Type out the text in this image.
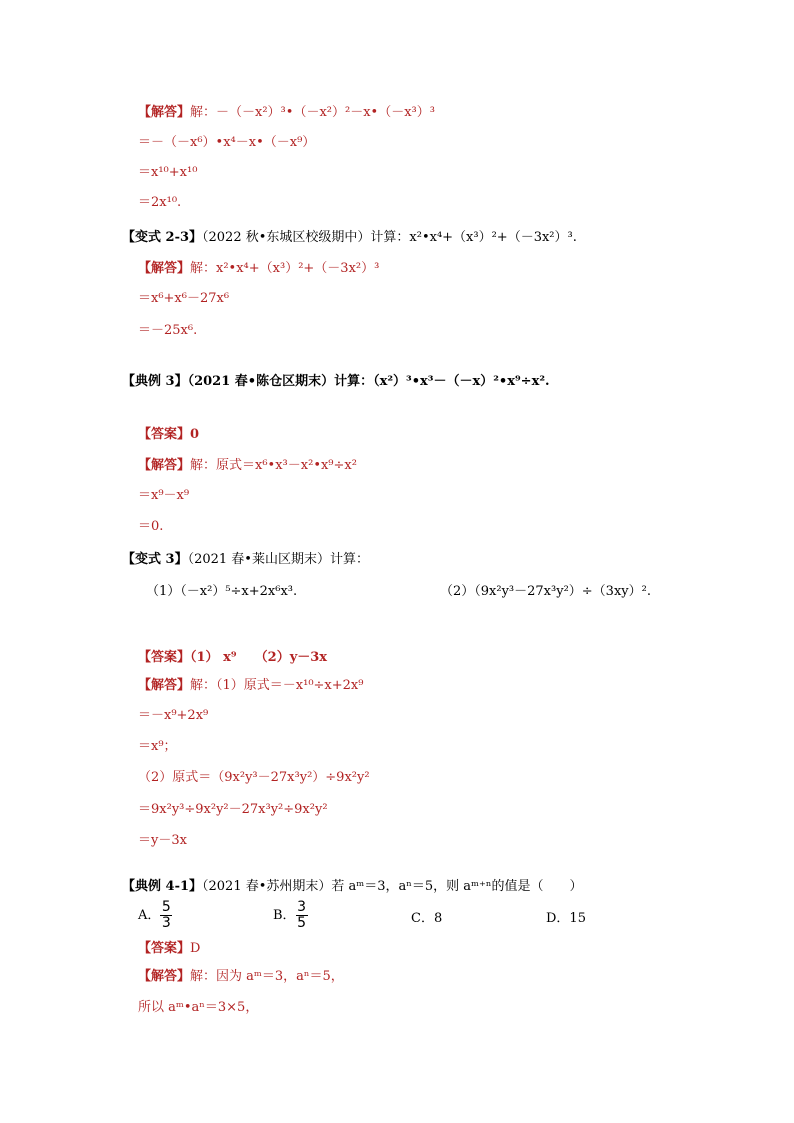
【解答】解：－（－x²）³•（－x²）²－x•（－x³）³
＝－（－x⁶）•x⁴－x•（－x⁹）
＝x¹⁰+x¹⁰
＝2x¹⁰.
【变式 2-3】（2022 秋•东城区校级期中）计算：x²•x⁴+（x³）²+（－3x²）³.
【解答】解：x²•x⁴+（x³）²+（－3x²）³
＝x⁶+x⁶－27x⁶
＝－25x⁶.
【典例 3】（2021 春•陈仓区期末）计算：（x²）³•x³－（－x）²•x⁹÷x².
【答案】0
【解答】解：原式＝x⁶•x³－x²•x⁹÷x²
＝x⁹－x⁹
＝0.
【变式 3】（2021 春•莱山区期末）计算：
（1）（－x²）⁵÷x+2x⁶x³.	（2）（9x²y³－27x³y²）÷（3xy）².
【答案】（1） x⁹ （2）y－3x
【解答】解：（1）原式＝－x¹⁰÷x+2x⁹
＝－x⁹+2x⁹
＝x⁹；
（2）原式＝（9x²y³－27x³y²）÷9x²y²
＝9x²y³÷9x²y²－27x³y²÷9x²y²
＝y－3x
【典例 4-1】（2021 春•苏州期末）若 aᵐ＝3，aⁿ＝5，则 aᵐ⁺ⁿ的值是（　　）
A． $\frac{5}{3}$	B． $\frac{3}{5}$	C．8	D．15
【答案】D
【解答】解：因为 aᵐ＝3，aⁿ＝5，
所以 aᵐ•aⁿ＝3×5，
